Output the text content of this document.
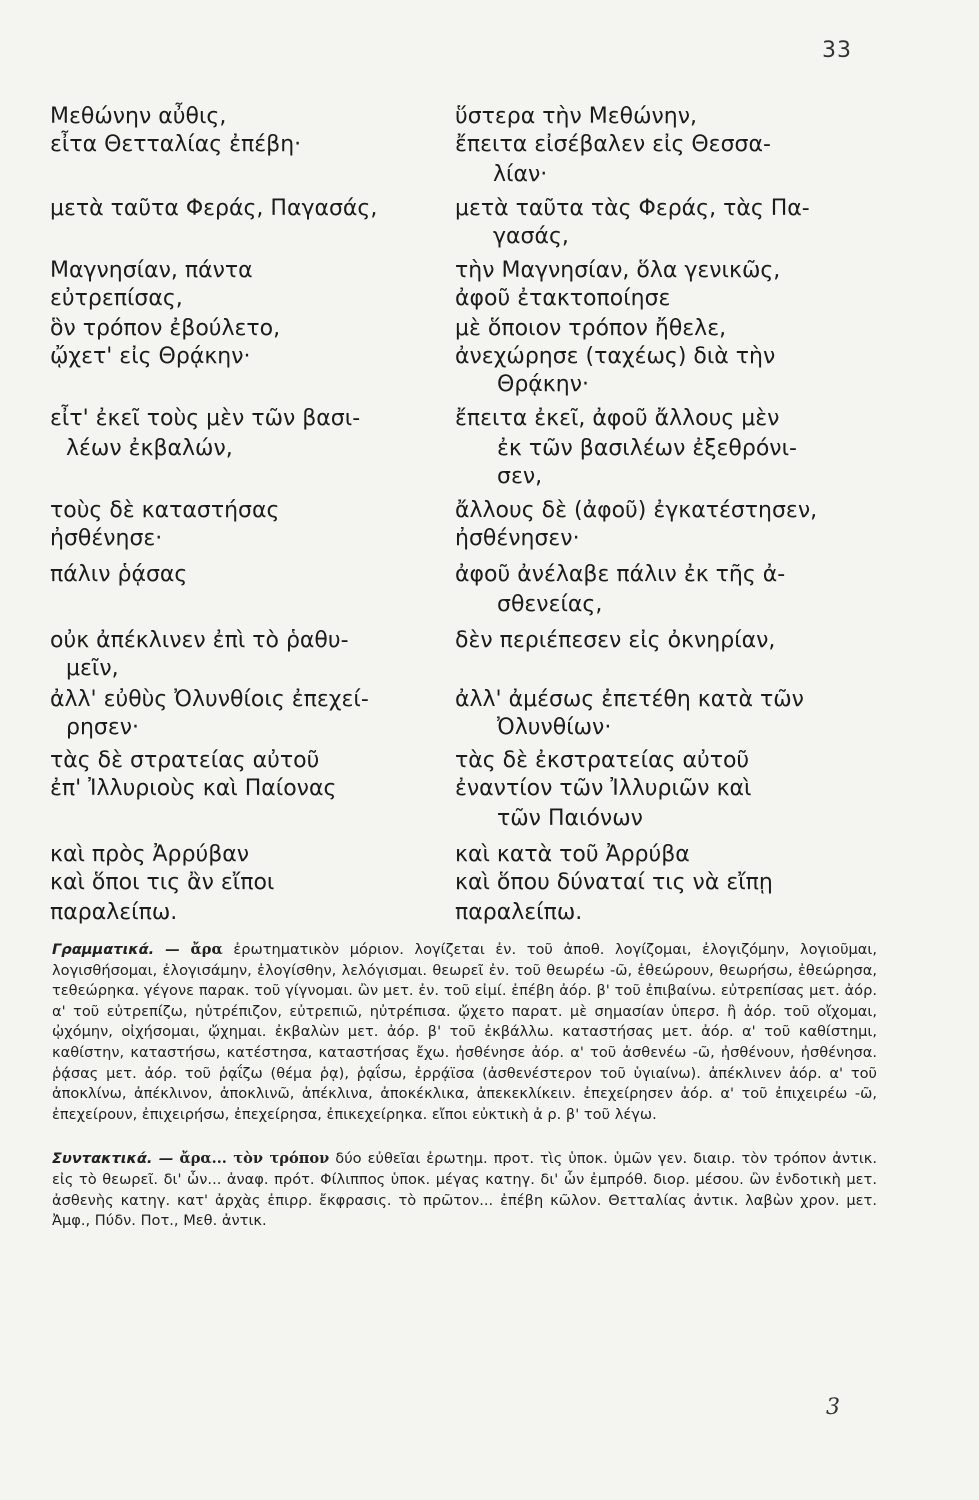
33
Μεθώνην αὖθις,	ὕστερα τὴν Μεθώνην,
εἶτα Θετταλίας ἐπέβη·	ἔπειτα εἰσέβαλεν εἰς Θεσσα-
λίαν·
μετὰ ταῦτα Φεράς, Παγασάς,	μετὰ ταῦτα τὰς Φεράς, τὰς Πα-
γασάς,
Μαγνησίαν, πάντα	τὴν Μαγνησίαν, ὅλα γενικῶς,
εὐτρεπίσας,	ἀφοῦ ἐτακτοποίησε
ὃν τρόπον ἐβούλετο,	μὲ ὅποιον τρόπον ἤθελε,
ᾤχετ' εἰς Θρᾴκην·	ἀνεχώρησε (ταχέως) διὰ τὴν
Θρᾴκην·
εἶτ' ἐκεῖ τοὺς μὲν τῶν βασι-	ἔπειτα ἐκεῖ, ἀφοῦ ἄλλους μὲν
λέων ἐκβαλών,	ἐκ τῶν βασιλέων ἐξεθρόνι-
σεν,
τοὺς δὲ καταστήσας	ἄλλους δὲ (ἀφοῦ) ἐγκατέστησεν,
ἠσθένησε·	ἠσθένησεν·
πάλιν ῥᾴσας	ἀφοῦ ἀνέλαβε πάλιν ἐκ τῆς ἀ-
σθενείας,
οὐκ ἀπέκλινεν ἐπὶ τὸ ῥαθυ-	δὲν περιέπεσεν εἰς ὀκνηρίαν,
μεῖν,
ἀλλ' εὐθὺς Ὀλυνθίοις ἐπεχεί-	ἀλλ' ἀμέσως ἐπετέθη κατὰ τῶν
ρησεν·	Ὀλυνθίων·
τὰς δὲ στρατείας αὐτοῦ	τὰς δὲ ἐκστρατείας αὐτοῦ
ἐπ' Ἰλλυριοὺς καὶ Παίονας	ἐναντίον τῶν Ἰλλυριῶν καὶ
τῶν Παιόνων
καὶ πρὸς Ἀρρύβαν	καὶ κατὰ τοῦ Ἀρρύβα
καὶ ὅποι τις ἂν εἴποι	καὶ ὅπου δύναταί τις νὰ εἴπῃ
παραλείπω.	παραλείπω.

Γραμματικά. — ἄρα ἐρωτηματικὸν μόριον. λογίζεται ἐν. τοῦ ἀποθ. λογίζομαι, ἐλογιζόμην, λογιοῦμαι, λογισθήσομαι, ἐλογισάμην, ἐλογίσθην, λελόγισμαι. θεωρεῖ ἐν. τοῦ θεωρέω -ῶ, ἐθεώρουν, θεωρήσω, ἐθεώρησα, τεθεώρηκα. γέγονε παρακ. τοῦ γίγνομαι. ὢν μετ. ἐν. τοῦ εἰμί. ἐπέβη ἀόρ. β' τοῦ ἐπιβαίνω. εὐτρεπίσας μετ. ἀόρ. α' τοῦ εὐτρεπίζω, ηὐτρέπιζον, εὐτρεπιῶ, ηὐτρέπισα. ᾤχετο παρατ. μὲ σημασίαν ὑπερσ. ἢ ἀόρ. τοῦ οἴχομαι, ᾠχόμην, οἰχήσομαι, ᾤχημαι. ἐκβαλὼν μετ. ἀόρ. β' τοῦ ἐκβάλλω. καταστήσας μετ. ἀόρ. α' τοῦ καθίστημι, καθίστην, καταστήσω, κατέστησα, καταστήσας ἔχω. ἠσθένησε ἀόρ. α' τοῦ ἀσθενέω -ῶ, ἠσθένουν, ἠσθένησα. ῥᾴσας μετ. ἀόρ. τοῦ ῥᾳΐζω (θέμα ῥᾳ), ῥᾳΐσω, ἐρρᾴϊσα (ἀσθενέστερον τοῦ ὑγιαίνω). ἀπέκλινεν ἀόρ. α' τοῦ ἀποκλίνω, ἀπέκλινον, ἀποκλινῶ, ἀπέκλινα, ἀποκέκλικα, ἀπεκεκλίκειν. ἐπεχείρησεν ἀόρ. α' τοῦ ἐπιχειρέω -ῶ, ἐπεχείρουν, ἐπιχειρήσω, ἐπεχείρησα, ἐπικεχείρηκα. εἴποι εὐκτικὴ ἀ ρ. β' τοῦ λέγω.

Συντακτικά. — ἄρα... τὸν τρόπον δύο εὐθεῖαι ἐρωτημ. προτ. τὶς ὑποκ. ὑμῶν γεν. διαιρ. τὸν τρόπον ἀντικ. εἰς τὸ θεωρεῖ. δι' ὧν... ἀναφ. πρότ. Φίλιππος ὑποκ. μέγας κατηγ. δι' ὧν ἐμπρόθ. διορ. μέσου. ὢν ἐνδοτικὴ μετ. ἀσθενὴς κατηγ. κατ' ἀρχὰς ἐπιρρ. ἔκφρασις. τὸ πρῶτον... ἐπέβη κῶλον. Θετταλίας ἀντικ. λαβὼν χρον. μετ. Ἀμφ., Πύδν. Ποτ., Μεθ. ἀντικ.

3
